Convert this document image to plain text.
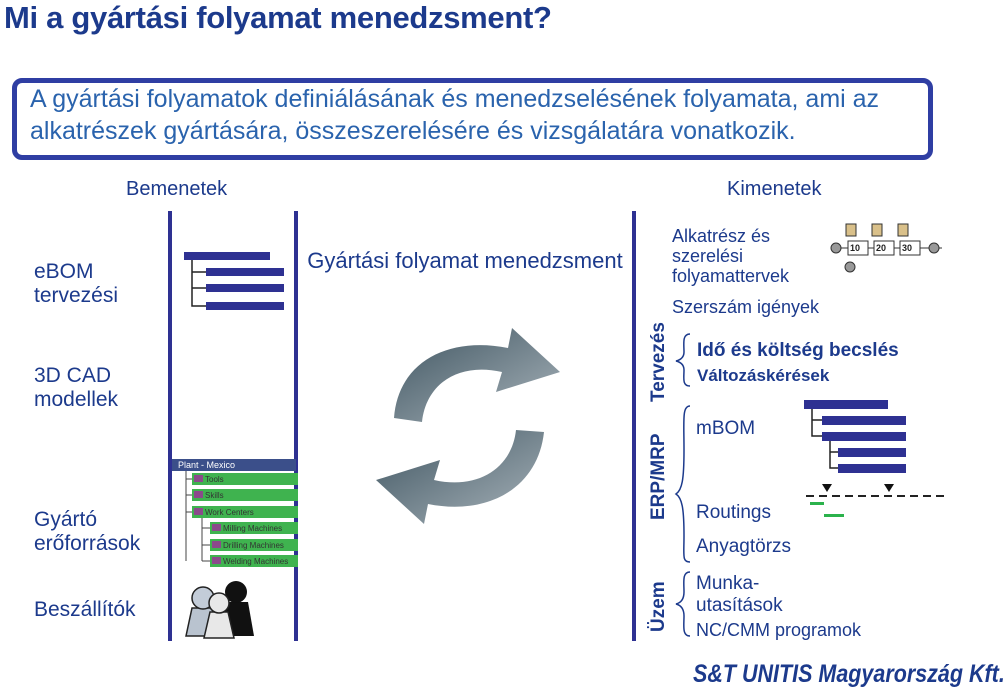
Mi a gyártási folyamat menedzsment?
A gyártási folyamatok definiálásának és menedzselésének folyamata, ami az alkatrészek gyártására, összeszerelésére és vizsgálatára vonatkozik.
Bemenetek	Kimenetek
eBOM tervezési
3D CAD modellek
Gyártó erőforrások
Beszállítók
Plant - Mexico
Tools
Skills
Work Centers
Milling Machines
Drilling Machines
Welding Machines
Gyártási folyamat menedzsment
Tervezés
ERP/MRP
Üzem
Alkatrész és szerelési folyamattervek
Szerszám igények
Idő és költség becslés
Változáskérések
mBOM
Routings
Anyagtörzs
Munka-utasítások
NC/CMM programok
10 20 30
S&T UNITIS Magyarország Kft.
